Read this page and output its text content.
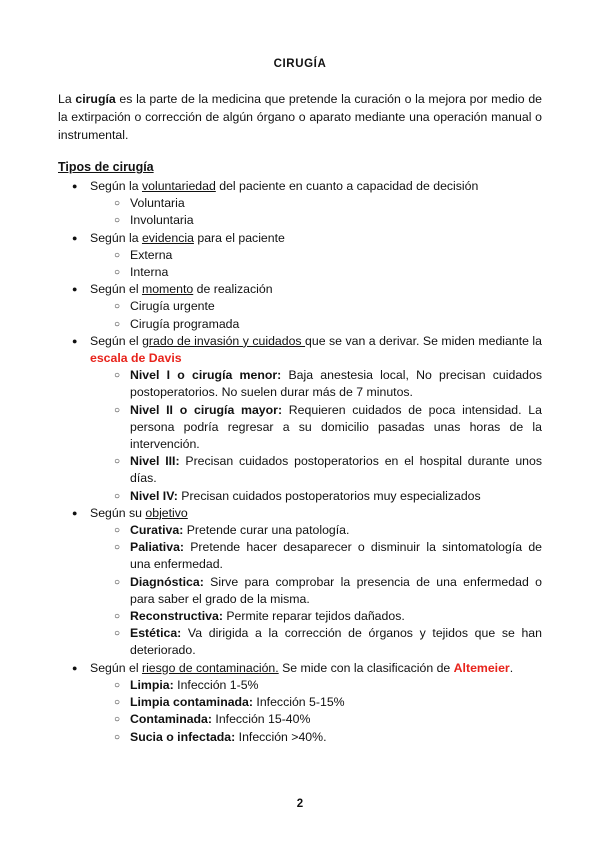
CIRUGÍA
La cirugía es la parte de la medicina que pretende la curación o la mejora por medio de la extirpación o corrección de algún órgano o aparato mediante una operación manual o instrumental.
Tipos de cirugía
● Según la voluntariedad del paciente en cuanto a capacidad de decisión
○ Voluntaria
○ Involuntaria
● Según la evidencia para el paciente
○ Externa
○ Interna
● Según el momento de realización
○ Cirugía urgente
○ Cirugía programada
● Según el grado de invasión y cuidados que se van a derivar. Se miden mediante la escala de Davis
○ Nivel I o cirugía menor: Baja anestesia local, No precisan cuidados postoperatorios. No suelen durar más de 7 minutos.
○ Nivel II o cirugía mayor: Requieren cuidados de poca intensidad. La persona podría regresar a su domicilio pasadas unas horas de la intervención.
○ Nivel III: Precisan cuidados postoperatorios en el hospital durante unos días.
○ Nivel IV: Precisan cuidados postoperatorios muy especializados
● Según su objetivo
○ Curativa: Pretende curar una patología.
○ Paliativa: Pretende hacer desaparecer o disminuir la sintomatología de una enfermedad.
○ Diagnóstica: Sirve para comprobar la presencia de una enfermedad o para saber el grado de la misma.
○ Reconstructiva: Permite reparar tejidos dañados.
○ Estética: Va dirigida a la corrección de órganos y tejidos que se han deteriorado.
● Según el riesgo de contaminación. Se mide con la clasificación de Altemeier.
○ Limpia: Infección 1-5%
○ Limpia contaminada: Infección 5-15%
○ Contaminada: Infección 15-40%
○ Sucia o infectada: Infección >40%.
2
